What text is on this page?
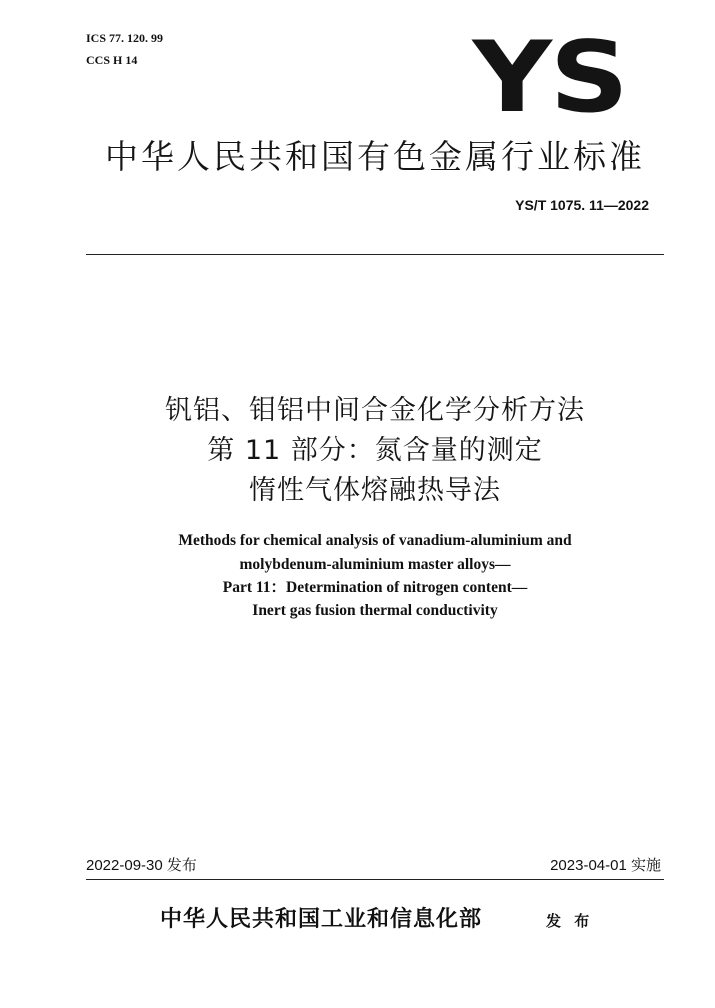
ICS 77. 120. 99
CCS H 14	YS
中华人民共和国有色金属行业标准
YS/T 1075. 11—2022
钒铝、钼铝中间合金化学分析方法
第 11 部分：氮含量的测定
惰性气体熔融热导法
Methods for chemical analysis of vanadium-aluminium and
molybdenum-aluminium master alloys—
Part 11：Determination of nitrogen content—
Inert gas fusion thermal conductivity
2022-09-30 发布	2023-04-01 实施
中华人民共和国工业和信息化部	发 布
